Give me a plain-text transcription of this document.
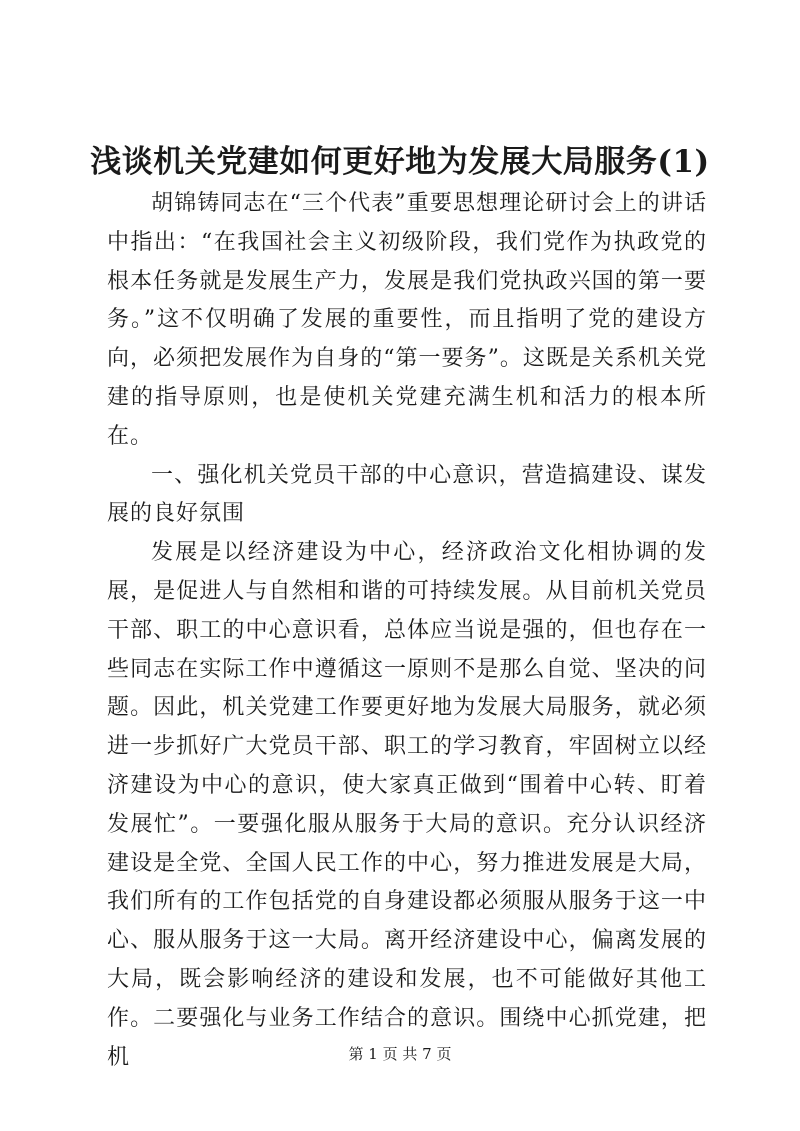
浅谈机关党建如何更好地为发展大局服务(1)

胡锦铸同志在“三个代表”重要思想理论研讨会上的讲话中指出：“在我国社会主义初级阶段，我们党作为执政党的根本任务就是发展生产力，发展是我们党执政兴国的第一要务。”这不仅明确了发展的重要性，而且指明了党的建设方向，必须把发展作为自身的“第一要务”。这既是关系机关党建的指导原则，也是使机关党建充满生机和活力的根本所在。

一、强化机关党员干部的中心意识，营造搞建设、谋发展的良好氛围

发展是以经济建设为中心，经济政治文化相协调的发展，是促进人与自然相和谐的可持续发展。从目前机关党员干部、职工的中心意识看，总体应当说是强的，但也存在一些同志在实际工作中遵循这一原则不是那么自觉、坚决的问题。因此，机关党建工作要更好地为发展大局服务，就必须进一步抓好广大党员干部、职工的学习教育，牢固树立以经济建设为中心的意识，使大家真正做到“围着中心转、盯着发展忙”。一要强化服从服务于大局的意识。充分认识经济建设是全党、全国人民工作的中心，努力推进发展是大局，我们所有的工作包括党的自身建设都必须服从服务于这一中心、服从服务于这一大局。离开经济建设中心，偏离发展的大局，既会影响经济的建设和发展，也不可能做好其他工作。二要强化与业务工作结合的意识。围绕中心抓党建，把机	第 1 页 共 7 页
